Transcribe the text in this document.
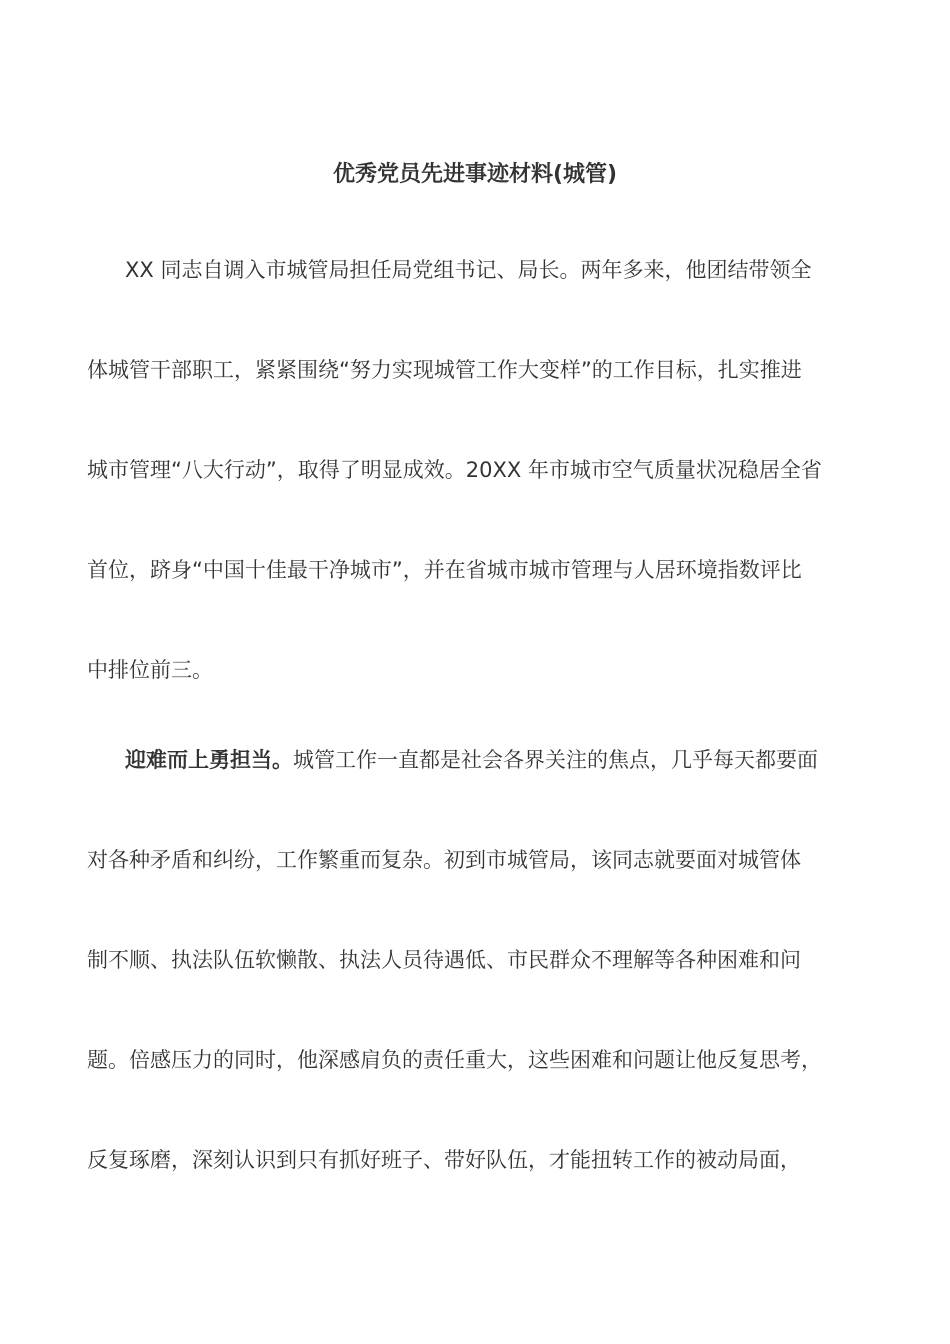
优秀党员先进事迹材料(城管)
XX 同志自调入市城管局担任局党组书记、局长。两年多来，他团结带领全
体城管干部职工，紧紧围绕“努力实现城管工作大变样”的工作目标，扎实推进
城市管理“八大行动”，取得了明显成效。20XX 年市城市空气质量状况稳居全省
首位，跻身“中国十佳最干净城市”，并在省城市城市管理与人居环境指数评比
中排位前三。
迎难而上勇担当。城管工作一直都是社会各界关注的焦点，几乎每天都要面
对各种矛盾和纠纷，工作繁重而复杂。初到市城管局，该同志就要面对城管体
制不顺、执法队伍软懒散、执法人员待遇低、市民群众不理解等各种困难和问
题。倍感压力的同时，他深感肩负的责任重大，这些困难和问题让他反复思考，
反复琢磨，深刻认识到只有抓好班子、带好队伍，才能扭转工作的被动局面，
